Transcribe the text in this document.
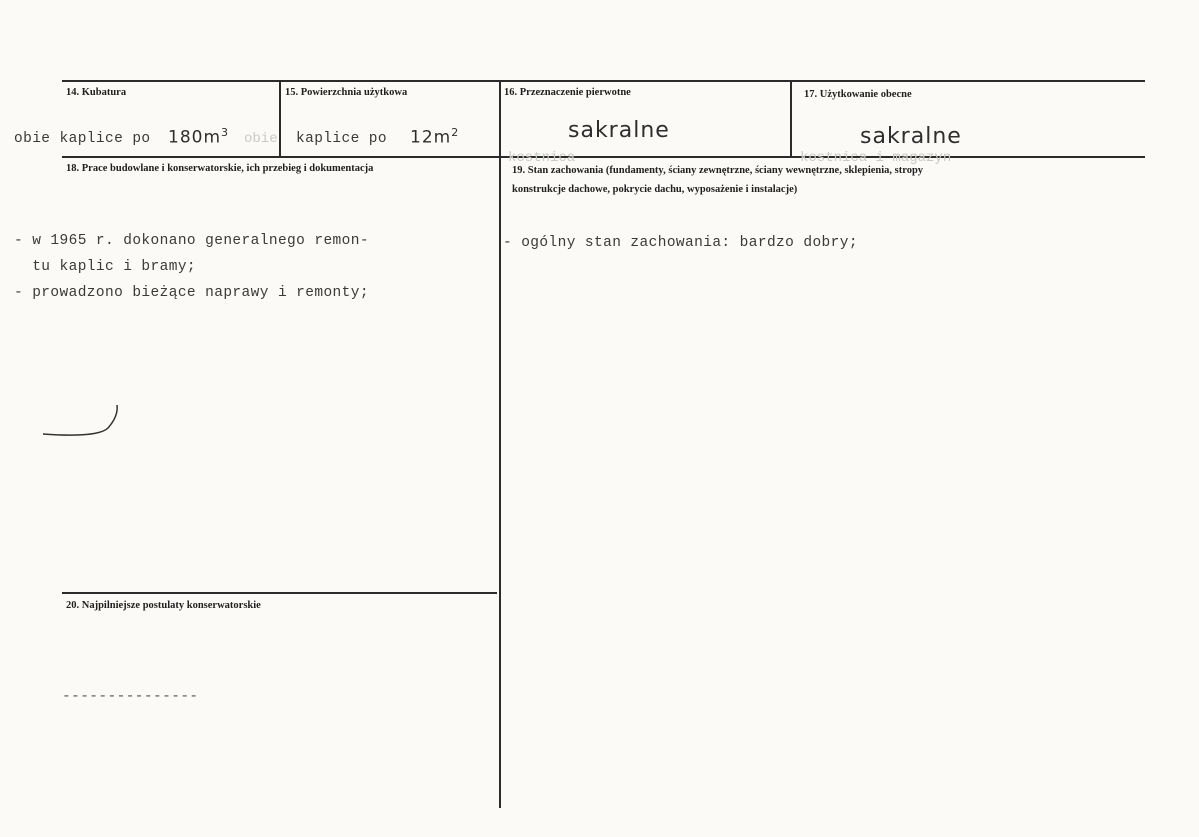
14. Kubatura
obie kaplice po $180m^3$
15. Powierzchnia użytkowa
obie kaplice po $12m^2$
16. Przeznaczenie pierwotne
sakralne
17. Użytkowanie obecne
sakralne
kostnica	kostnica i magazyn
18. Prace budowlane i konserwatorskie, ich przebieg i dokumentacja
- w 1965 r. dokonano generalnego remon-
tu kaplic i bramy;
- prowadzono bieżące naprawy i remonty;
19. Stan zachowania (fundamenty, ściany zewnętrzne, ściany wewnętrzne, sklepienia, stropy
konstrukcje dachowe, pokrycie dachu, wyposażenie i instalacje)
- ogólny stan zachowania: bardzo dobry;
20. Najpilniejsze postulaty konserwatorskie
---------------
